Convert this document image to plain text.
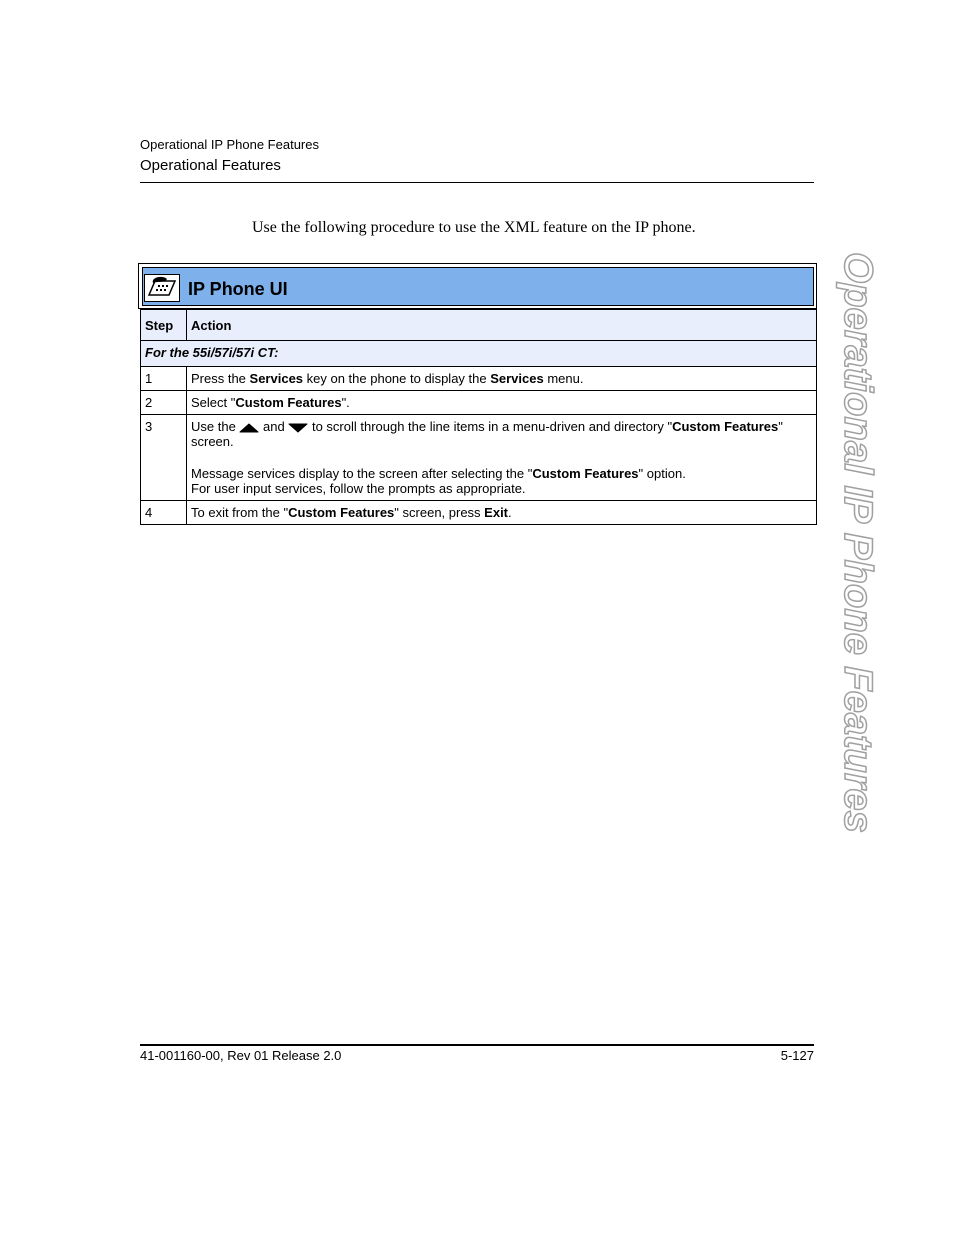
Operational IP Phone Features
Operational Features
Use the following procedure to use the XML feature on the IP phone.
Operational IP Phone Features
IP Phone UI
Step	Action
For the 55i/57i/57i CT:	
1	Press the Services key on the phone to display the Services menu.
2	Select "Custom Features".
3	Use the  and  to scroll through the line items in a menu-driven and directory "Custom Features" screen.
Message services display to the screen after selecting the "Custom Features" option.
For user input services, follow the prompts as appropriate.

4	To exit from the "Custom Features" screen, press Exit.
41-001160-00, Rev 01 Release 2.0	5-127
